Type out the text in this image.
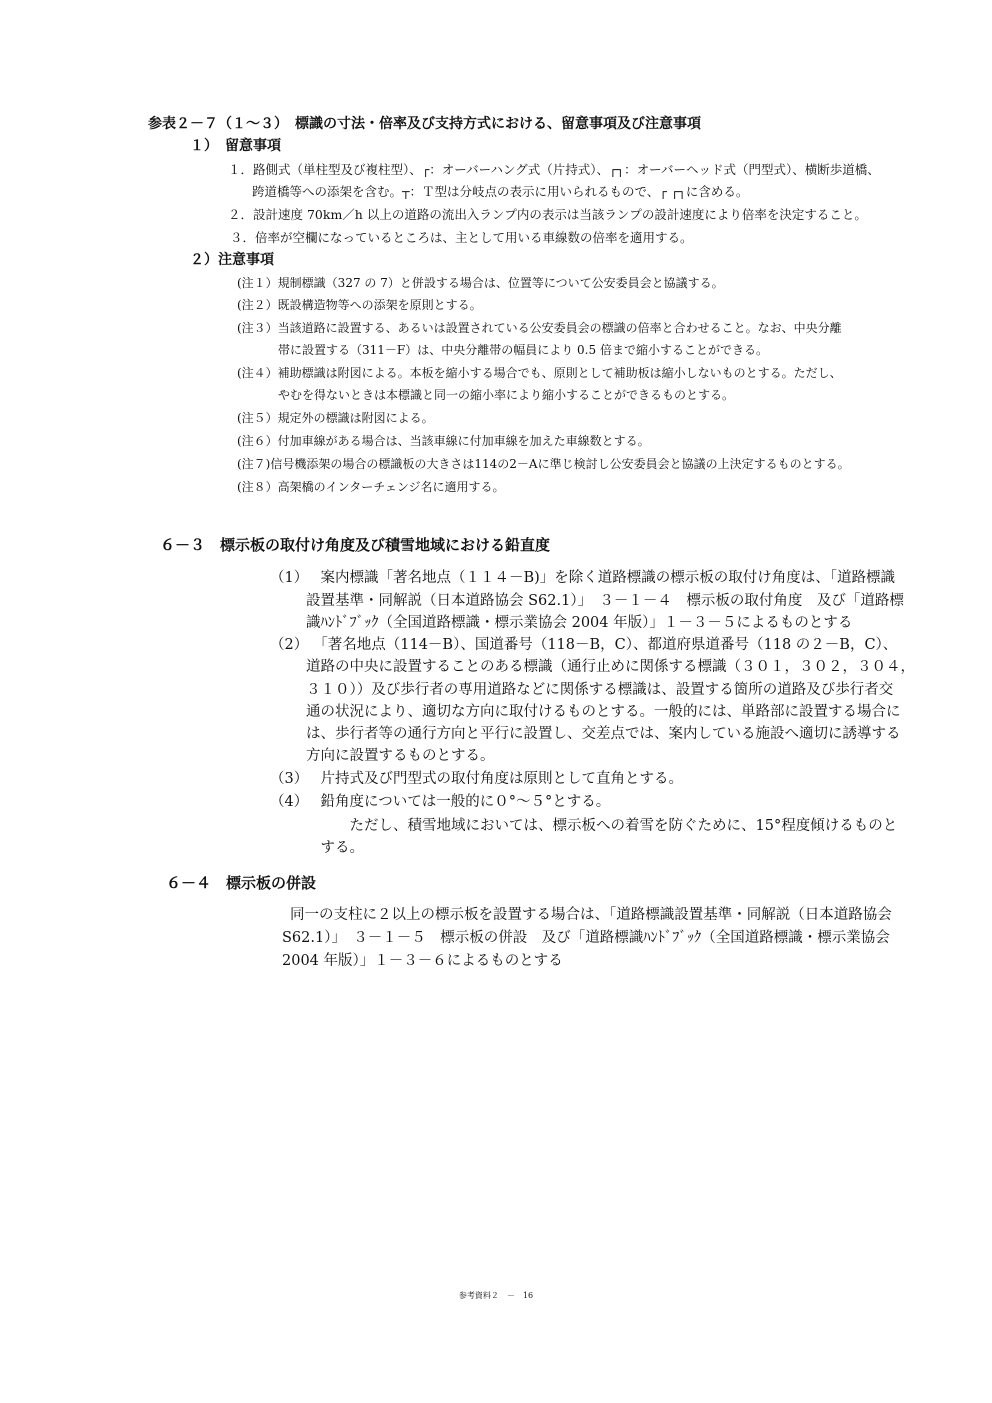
参表２－７（１～３）　標識の寸法・倍率及び支持方式における、留意事項及び注意事項
１）　留意事項
１．路側式（単柱型及び複柱型）、┌：オーバーハング式（片持式）、┌┐：オーバーヘッド式（門型式）、横断歩道橋、
跨道橋等への添架を含む。┬：Ｔ型は分岐点の表示に用いられるもので、┌ ┌┐に含める。
２．設計速度 70km／h 以上の道路の流出入ランプ内の表示は当該ランプの設計速度により倍率を決定すること。
３．倍率が空欄になっているところは、主として用いる車線数の倍率を適用する。
２）注意事項
(注１）規制標識（327 の 7）と併設する場合は、位置等について公安委員会と協議する。
(注２）既設構造物等への添架を原則とする。
(注３）当該道路に設置する、あるいは設置されている公安委員会の標識の倍率と合わせること。なお、中央分離
帯に設置する（311－F）は、中央分離帯の幅員により 0.5 倍まで縮小することができる。
(注４）補助標識は附図による。本板を縮小する場合でも、原則として補助板は縮小しないものとする。ただし、
やむを得ないときは本標識と同一の縮小率により縮小することができるものとする。
(注５）規定外の標識は附図による。
(注６）付加車線がある場合は、当該車線に付加車線を加えた車線数とする。
(注７)信号機添架の場合の標識板の大きさは114の2－Aに準じ検討し公安委員会と協議の上決定するものとする。
(注８）高架橋のインターチェンジ名に適用する。
６－３　標示板の取付け角度及び積雪地域における鉛直度
（1）
　案内標識「著名地点（１１４－B)」を除く道路標識の標示板の取付け角度は、「道路標識
設置基準・同解説（日本道路協会 S62.1）」　３－１－４　標示板の取付角度　及び「道路標
識ﾊﾝﾄﾞﾌﾞｯｸ（全国道路標識・標示業協会 2004 年版）」１－３－５によるものとする
（2）
　「著名地点（114－B）、国道番号（118－B，C）、都道府県道番号（118 の２－B，C）、
道路の中央に設置することのある標識（通行止めに関係する標識（３０１，３０２，３０４，
３１０））及び歩行者の専用道路などに関係する標識は、設置する箇所の道路及び歩行者交
通の状況により、適切な方向に取付けるものとする。一般的には、単路部に設置する場合に
は、歩行者等の通行方向と平行に設置し、交差点では、案内している施設へ適切に誘導する
方向に設置するものとする。
（3）
　片持式及び門型式の取付角度は原則として直角とする。
（4）
　鉛角度については一般的に０°～５°とする。
　　　ただし、積雪地域においては、標示板への着雪を防ぐために、15°程度傾けるものと
　する。
６－４　標示板の併設
同一の支柱に２以上の標示板を設置する場合は、「道路標識設置基準・同解説（日本道路協会
S62.1）」　３－１－５　標示板の併設　及び「道路標識ﾊﾝﾄﾞﾌﾞｯｸ（全国道路標識・標示業協会
2004 年版）」１－３－６によるものとする
参考資料２　－　16
